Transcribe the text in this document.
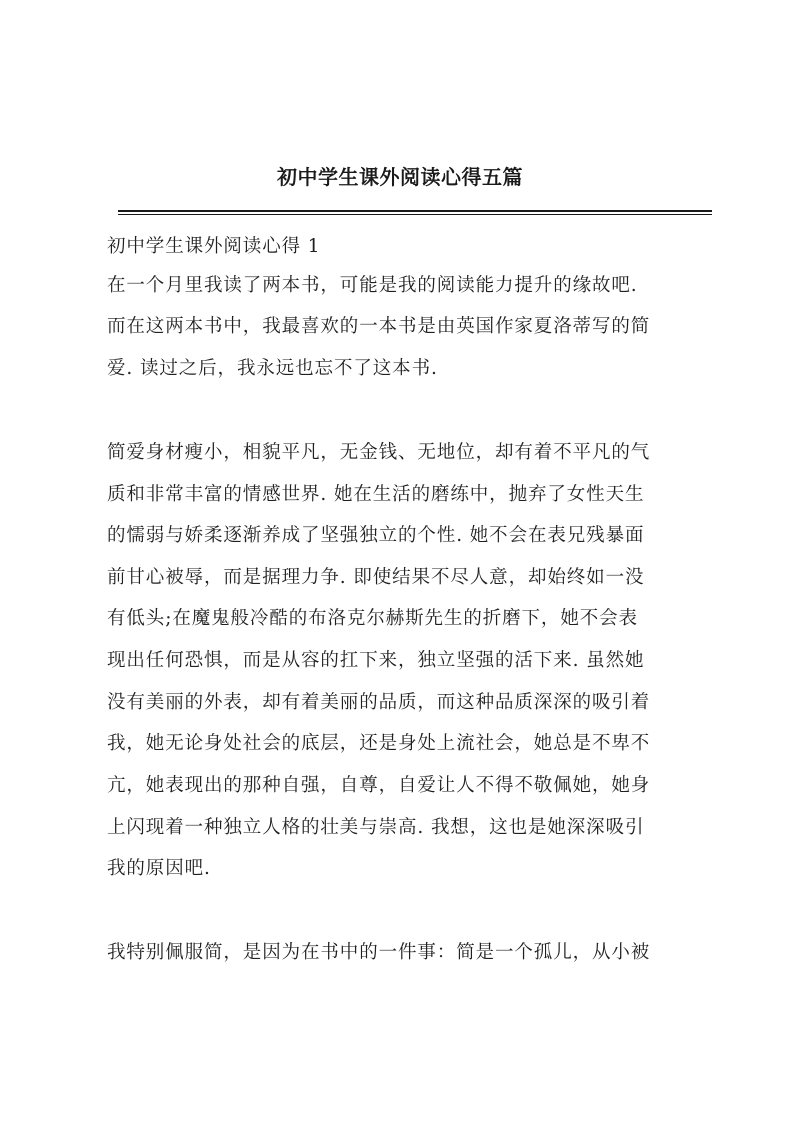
初中学生课外阅读心得五篇
初中学生课外阅读心得 1
在一个月里我读了两本书，可能是我的阅读能力提升的缘故吧.
而在这两本书中，我最喜欢的一本书是由英国作家夏洛蒂写的简
爱. 读过之后，我永远也忘不了这本书.
简爱身材瘦小，相貌平凡，无金钱、无地位，却有着不平凡的气
质和非常丰富的情感世界. 她在生活的磨练中，抛弃了女性天生
的懦弱与娇柔逐渐养成了坚强独立的个性. 她不会在表兄残暴面
前甘心被辱，而是据理力争. 即使结果不尽人意，却始终如一没
有低头;在魔鬼般冷酷的布洛克尔赫斯先生的折磨下，她不会表
现出任何恐惧，而是从容的扛下来，独立坚强的活下来. 虽然她
没有美丽的外表，却有着美丽的品质，而这种品质深深的吸引着
我，她无论身处社会的底层，还是身处上流社会，她总是不卑不
亢，她表现出的那种自强，自尊，自爱让人不得不敬佩她，她身
上闪现着一种独立人格的壮美与崇高. 我想，这也是她深深吸引
我的原因吧.
我特别佩服简，是因为在书中的一件事：简是一个孤儿，从小被
